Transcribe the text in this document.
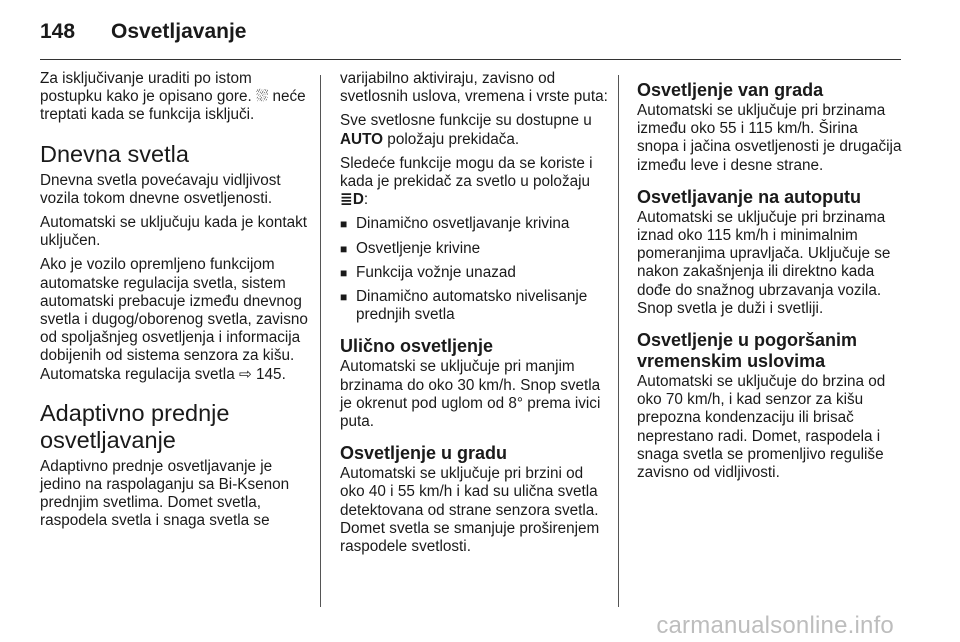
148 Osvetljavanje

Za isključivanje uraditi po istom postupku kako je opisano gore. ⛆ neće treptati kada se funkcija isključi.

Dnevna svetla

Dnevna svetla povećavaju vidljivost vozila tokom dnevne osvetljenosti.

Automatski se uključuju kada je kontakt uključen.

Ako je vozilo opremljeno funkcijom automatske regulacija svetla, sistem automatski prebacuje između dnevnog svetla i dugog/oborenog svetla, zavisno od spoljašnjeg osvetljenja i informacija dobijenih od sistema senzora za kišu. Automatska regulacija svetla ⇨ 145.

Adaptivno prednje osvetljavanje

Adaptivno prednje osvetljavanje je jedino na raspolaganju sa Bi-Ksenon prednjim svetlima. Domet svetla, raspodela svetla i snaga svetla se

varijabilno aktiviraju, zavisno od svetlosnih uslova, vremena i vrste puta:

Sve svetlosne funkcije su dostupne u AUTO položaju prekidača.

Sledeće funkcije mogu da se koriste i kada je prekidač za svetlo u položaju ≣D:

■ Dinamično osvetljavanje krivina
■ Osvetljenje krivine
■ Funkcija vožnje unazad
■ Dinamično automatsko nivelisanje prednjih svetla
Ulično osvetljenje

Automatski se uključuje pri manjim brzinama do oko 30 km/h. Snop svetla je okrenut pod uglom od 8° prema ivici puta.

Osvetljenje u gradu

Automatski se uključuje pri brzini od oko 40 i 55 km/h i kad su ulična svetla detektovana od strane senzora svetla. Domet svetla se smanjuje proširenjem raspodele svetlosti.

Osvetljenje van grada

Automatski se uključuje pri brzinama između oko 55 i 115 km/h. Širina snopa i jačina osvetljenosti je drugačija između leve i desne strane.

Osvetljavanje na autoputu

Automatski se uključuje pri brzinama iznad oko 115 km/h i minimalnim pomeranjima upravljača. Uključuje se nakon zakašnjenja ili direktno kada dođe do snažnog ubrzavanja vozila. Snop svetla je duži i svetliji.

Osvetljenje u pogoršanim vremenskim uslovima

Automatski se uključuje do brzina od oko 70 km/h, i kad senzor za kišu prepozna kondenzaciju ili brisač neprestano radi. Domet, raspodela i snaga svetla se promenljivo reguliše zavisno od vidljivosti.

carmanualsonline.info
